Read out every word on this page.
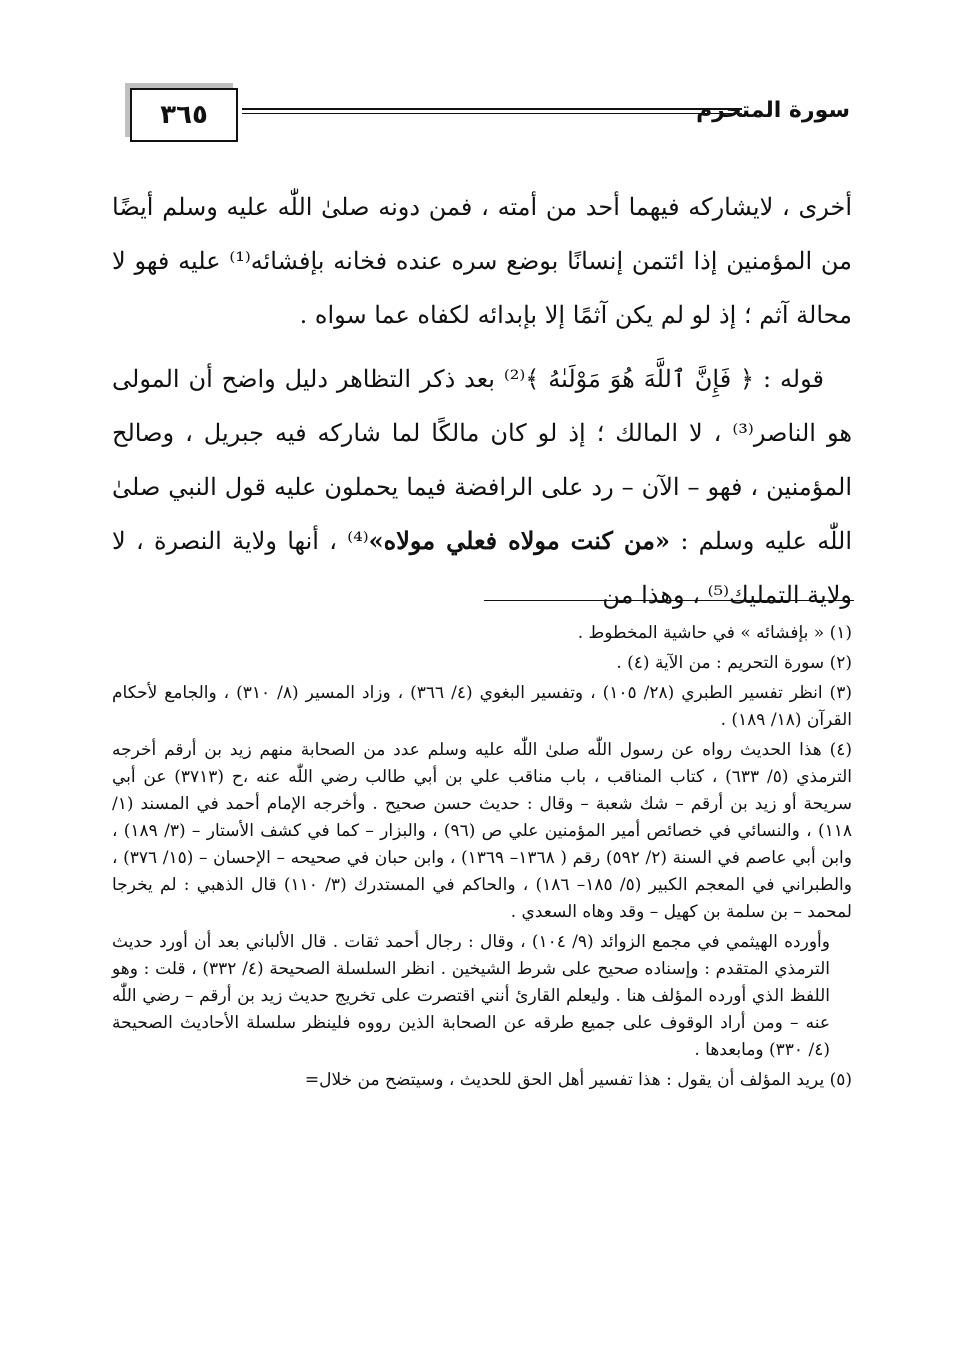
٣٦٥	سورة المتحرم

أخرى ، لايشاركه فيهما أحد من أمته ، فمن دونه صلىٰ اللّٰه عليه وسلم أيضًا من المؤمنين إذا ائتمن إنسانًا بوضع سره عنده فخانه بإفشائه⁽¹⁾ عليه فهو لا محالة آثم ؛ إذ لو لم يكن آثمًا إلا بإبدائه لكفاه عما سواه .

قوله : ﴿ فَإِنَّ ٱللَّهَ هُوَ مَوْلَىٰهُ ﴾⁽²⁾ بعد ذكر التظاهر دليل واضح أن المولى هو الناصر⁽³⁾ ، لا المالك ؛ إذ لو كان مالكًا لما شاركه فيه جبريل ، وصالح المؤمنين ، فهو – الآن – رد على الرافضة فيما يحملون عليه قول النبي صلىٰ اللّٰه عليه وسلم : «من كنت مولاه فعلي مولاه»⁽⁴⁾ ، أنها ولاية النصرة ، لا ولاية التمليك⁽⁵⁾ ، وهذا من

(١) « بإفشائه » في حاشية المخطوط .

(٢) سورة التحريم : من الآية (٤) .

(٣) انظر تفسير الطبري (٢٨/ ١٠٥) ، وتفسير البغوي (٤/ ٣٦٦) ، وزاد المسير (٨/ ٣١٠) ، والجامع لأحكام القرآن (١٨/ ١٨٩) .

(٤) هذا الحديث رواه عن رسول اللّٰه صلىٰ اللّٰه عليه وسلم عدد من الصحابة منهم زيد بن أرقم أخرجه الترمذي (٥/ ٦٣٣) ، كتاب المناقب ، باب مناقب علي بن أبي طالب رضي اللّٰه عنه ،ح (٣٧١٣) عن أبي سريحة أو زيد بن أرقم – شك شعبة – وقال : حديث حسن صحيح . وأخرجه الإمام أحمد في المسند (١/ ١١٨) ، والنسائي في خصائص أمير المؤمنين علي ص (٩٦) ، والبزار – كما في كشف الأستار – (٣/ ١٨٩) ، وابن أبي عاصم في السنة (٢/ ٥٩٢) رقم ( ١٣٦٨– ١٣٦٩) ، وابن حبان في صحيحه – الإحسان – (١٥/ ٣٧٦) ، والطبراني في المعجم الكبير (٥/ ١٨٥– ١٨٦) ، والحاكم في المستدرك (٣/ ١١٠) قال الذهبي : لم يخرجا لمحمد – بن سلمة بن كهيل – وقد وهاه السعدي .

وأورده الهيثمي في مجمع الزوائد (٩/ ١٠٤) ، وقال : رجال أحمد ثقات . قال الألباني بعد أن أورد حديث الترمذي المتقدم : وإسناده صحيح على شرط الشيخين . انظر السلسلة الصحيحة (٤/ ٣٣٢) ، قلت : وهو اللفظ الذي أورده المؤلف هنا . وليعلم القارئ أنني اقتصرت على تخريج حديث زيد بن أرقم – رضي اللّٰه عنه – ومن أراد الوقوف على جميع طرقه عن الصحابة الذين رووه فلينظر سلسلة الأحاديث الصحيحة (٤/ ٣٣٠) ومابعدها .

(٥) يريد المؤلف أن يقول : هذا تفسير أهل الحق للحديث ، وسيتضح من خلال=
